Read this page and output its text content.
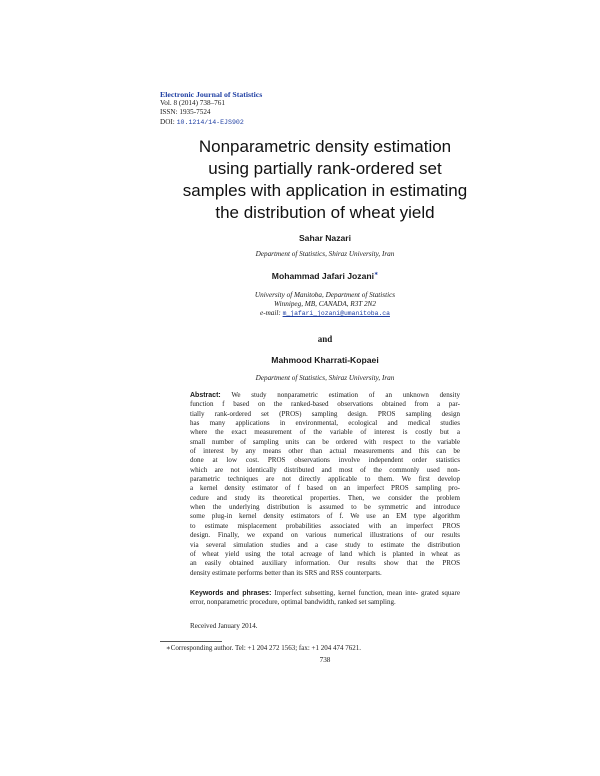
Electronic Journal of Statistics
Vol. 8 (2014) 738–761
ISSN: 1935-7524
DOI: 10.1214/14-EJS902
Nonparametric density estimation
using partially rank-ordered set
samples with application in estimating
the distribution of wheat yield
Sahar Nazari
Department of Statistics, Shiraz University, Iran
Mohammad Jafari Jozani∗
University of Manitoba, Department of Statistics
Winnipeg, MB, CANADA, R3T 2N2
e-mail: m_jafari_jozani@umanitoba.ca
and
Mahmood Kharrati-Kopaei
Department of Statistics, Shiraz University, Iran
Abstract: We study nonparametric estimation of an unknown density
function f based on the ranked-based observations obtained from a par-
tially rank-ordered set (PROS) sampling design. PROS sampling design
has many applications in environmental, ecological and medical studies
where the exact measurement of the variable of interest is costly but a
small number of sampling units can be ordered with respect to the variable
of interest by any means other than actual measurements and this can be
done at low cost. PROS observations involve independent order statistics
which are not identically distributed and most of the commonly used non-
parametric techniques are not directly applicable to them. We first develop
a kernel density estimator of f based on an imperfect PROS sampling pro-
cedure and study its theoretical properties. Then, we consider the problem
when the underlying distribution is assumed to be symmetric and introduce
some plug-in kernel density estimators of f. We use an EM type algorithm
to estimate misplacement probabilities associated with an imperfect PROS
design. Finally, we expand on various numerical illustrations of our results
via several simulation studies and a case study to estimate the distribution
of wheat yield using the total acreage of land which is planted in wheat as
an easily obtained auxiliary information. Our results show that the PROS
density estimate performs better than its SRS and RSS counterparts.
Keywords and phrases: Imperfect subsetting, kernel function, mean inte- grated square error, nonparametric procedure, optimal bandwidth, ranked set sampling.
Received January 2014.
∗Corresponding author. Tel: +1 204 272 1563; fax: +1 204 474 7621.
738
